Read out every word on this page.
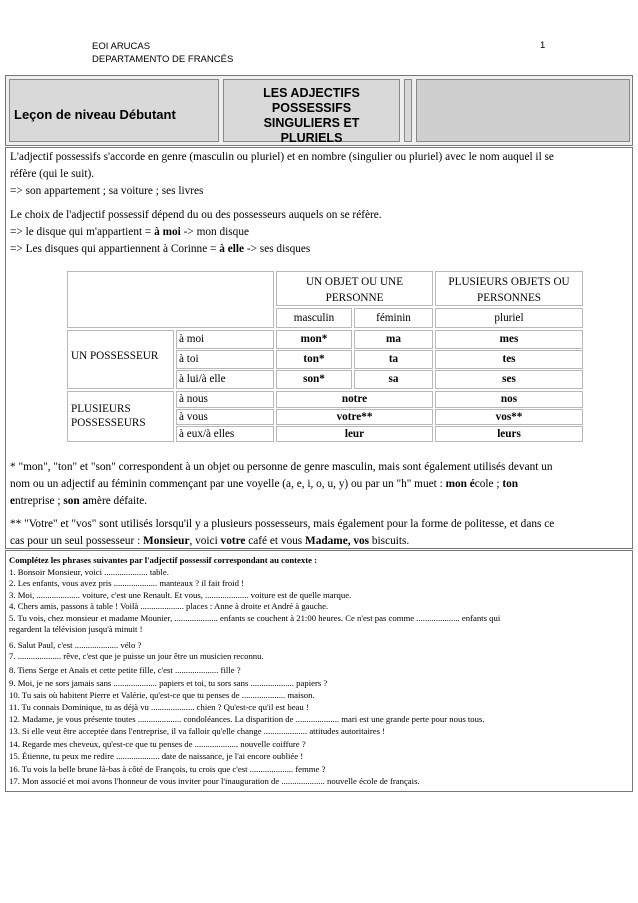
EOI ARUCAS
DEPARTAMENTO DE FRANCÉS
1
Leçon de niveau Débutant
LES ADJECTIFS
POSSESSIFS
SINGULIERS ET
PLURIELS
L'adjectif possessifs s'accorde en genre (masculin ou pluriel) et en nombre (singulier ou pluriel) avec le nom auquel il se
réfère (qui le suit).
=> son appartement ; sa voiture ; ses livres
Le choix de l'adjectif possessif dépend du ou des possesseurs auquels on se réfère.
=> le disque qui m'appartient = à moi -> mon disque
=> Les disques qui appartiennent à Corinne = à elle -> ses disques
UN OBJET OU UNE PERSONNE
PLUSIEURS OBJETS OU PERSONNES
masculin	féminin	pluriel
UN POSSESSEUR
à moi	mon*	ma	mes
à toi	ton*	ta	tes
à lui/à elle	son*	sa	ses
PLUSIEURS POSSESSEURS
à nous	notre	nos
à vous	votre**	vos**
à eux/à elles	leur	leurs
* "mon", "ton" et "son" correspondent à un objet ou personne de genre masculin, mais sont également utilisés devant un
nom ou un adjectif au féminin commençant par une voyelle (a, e, i, o, u, y) ou par un "h" muet : mon école ; ton
entreprise ; son amère défaite.
** "Votre" et "vos" sont utilisés lorsqu'il y a plusieurs possesseurs, mais également pour la forme de politesse, et dans ce
cas pour un seul possesseur : Monsieur, voici votre café et vous Madame, vos biscuits.
Complétez les phrases suivantes par l'adjectif possessif correspondant au contexte :
1. Bonsoir Monsieur, voici .................... table.
2. Les enfants, vous avez pris .................... manteaux ? il fait froid !
3. Moi, .................... voiture, c'est une Renault. Et vous, .................... voiture est de quelle marque.
4. Chers amis, passons à table ! Voilà .................... places : Anne à droite et André à gauche.
5. Tu vois, chez monsieur et madame Mounier, .................... enfants se couchent à 21:00 heures. Ce n'est pas comme .................... enfants qui
regardent la télévision jusqu'à minuit !
6. Salut Paul, c'est .................... vélo ?
7. .................... rêve, c'est que je puisse un jour être un musicien reconnu.
8. Tiens Serge et Anaïs et cette petite fille, c'est .................... fille ?
9. Moi, je ne sors jamais sans .................... papiers et toi, tu sors sans .................... papiers ?
10. Tu sais où habitent Pierre et Valérie, qu'est-ce que tu penses de .................... maison.
11. Tu connais Dominique, tu as déjà vu .................... chien ? Qu'est-ce qu'il est beau !
12. Madame, je vous présente toutes .................... condoléances. La disparition de .................... mari est une grande perte pour nous tous.
13. Si elle veut être acceptée dans l'entreprise, il va falloir qu'elle change .................... attitudes autoritaires !
14. Regarde mes cheveux, qu'est-ce que tu penses de .................... nouvelle coiffure ?
15. Étienne, tu peux me redire .................... date de naissance, je l'ai encore oubliée !
16. Tu vois la belle brune là-bas à côté de François, tu crois que c'est .................... femme ?
17. Mon associé et moi avons l'honneur de vous inviter pour l'inauguration de .................... nouvelle école de français.
